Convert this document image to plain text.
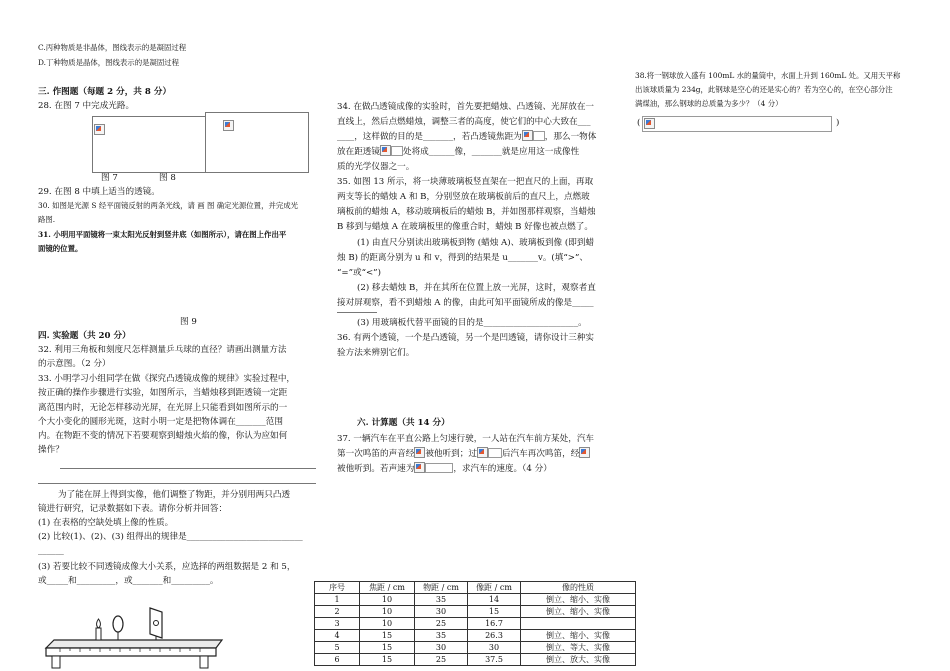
C.丙种物质是非晶体，图线表示的是凝固过程
D.丁种物质是晶体，图线表示的是凝固过程
三. 作图题（每题 2 分，共 8 分）
28. 在图 7 中完成光路。

图 7	图 8
29. 在图 8 中填上适当的透镜。
30. 如图是光源 S 经平面镜反射的两条光线，请 画 图 确定光源位置，并完成光
路图.
31. 小明用平面镜将一束太阳光反射到竖井底（如图所示），请在图上作出平
面镜的位置。
图 9
四. 实验题（共 20 分）
32. 利用三角板和刻度尺怎样测量乒乓球的直径？请画出测量方法
的示意图。（2 分）
33. 小明学习小组同学在做《探究凸透镜成像的规律》实验过程中，
按正确的操作步骤进行实验，如图所示，当蜡烛移到距透镜一定距
离范围内时，无论怎样移动光屏，在光屏上只能看到如图所示的一
个大小变化的圆形光斑，这时小明一定是把物体调在_______范围
内。在物距不变的情况下若要观察到蜡烛火焰的像，你认为应如何
操作？
为了能在屏上得到实像，他们调整了物距，并分别用两只凸透
镜进行研究，记录数据如下表。请你分析并回答：
(1) 在表格的空缺处填上像的性质。
(2) 比较(1)、(2)、(3) 组得出的规律是___________________________
______
(3) 若要比较不同透镜成像大小关系，应选择的两组数据是 2 和 5，
或_____和_________，或_______和_________。
34. 在做凸透镜成像的实验时，首先要把蜡烛、凸透镜、光屏放在一
直线上，然后点燃蜡烛，调整三者的高度，使它们的中心大致在___
____，这样做的目的是_______，若凸透镜焦距为	，那么一物体
放在距透镜	处将成______像，_______就是应用这一成像性
质的光学仪器之一。
35. 如图 13 所示，将一块薄玻璃板竖直架在一把直尺的上面，再取
两支等长的蜡烛 A 和 B，分别竖放在玻璃板前后的直尺上，点燃玻
璃板前的蜡烛 A，移动玻璃板后的蜡烛 B，并如图那样观察，当蜡烛
B 移到与蜡烛 A 在玻璃板里的像重合时，蜡烛 B 好像也被点燃了。
(1) 由直尺分别读出玻璃板到物 (蜡烛 A)、玻璃板到像 (即到蜡
烛 B) 的距离分别为 u 和 v，得到的结果是 u_______v。(填“>”、
“=”或“<”)
(2) 移去蜡烛 B，并在其所在位置上放一光屏，这时，观察者直
接对屏观察，看不到蜡烛 A 的像，由此可知平面镜所成的像是_____
(3) 用玻璃板代替平面镜的目的是______________________。
36. 有两个透镜，一个是凸透镜，另一个是凹透镜，请你设计三种实
验方法来辨别它们。
六. 计算题（共 14 分）
37. 一辆汽车在平直公路上匀速行驶，一人站在汽车前方某处，汽车
第一次鸣笛的声音经 被他听到；过	后汽车再次鸣笛，经
被他听到。若声速为	，求汽车的速度。（4 分）
序号	焦距 / cm	物距 / cm	像距 / cm	像的性质
1	10	35	14	倒立、缩小、实像
2	10	30	15	倒立、缩小、实像
3	10	25	16.7	
4	15	35	26.3	倒立、缩小、实像
5	15	30	30	倒立、等大、实像
6	15	25	37.5	倒立、放大、实像
38.将一钢球放入盛有 100mL 水的量筒中，水面上升到 160mL 处。又用天平称
出该球质量为 234g，此钢球是空心的还是实心的？若为空心的，在空心部分注
满煤油，那么钢球的总质量为多少？（4 分）
(	)
